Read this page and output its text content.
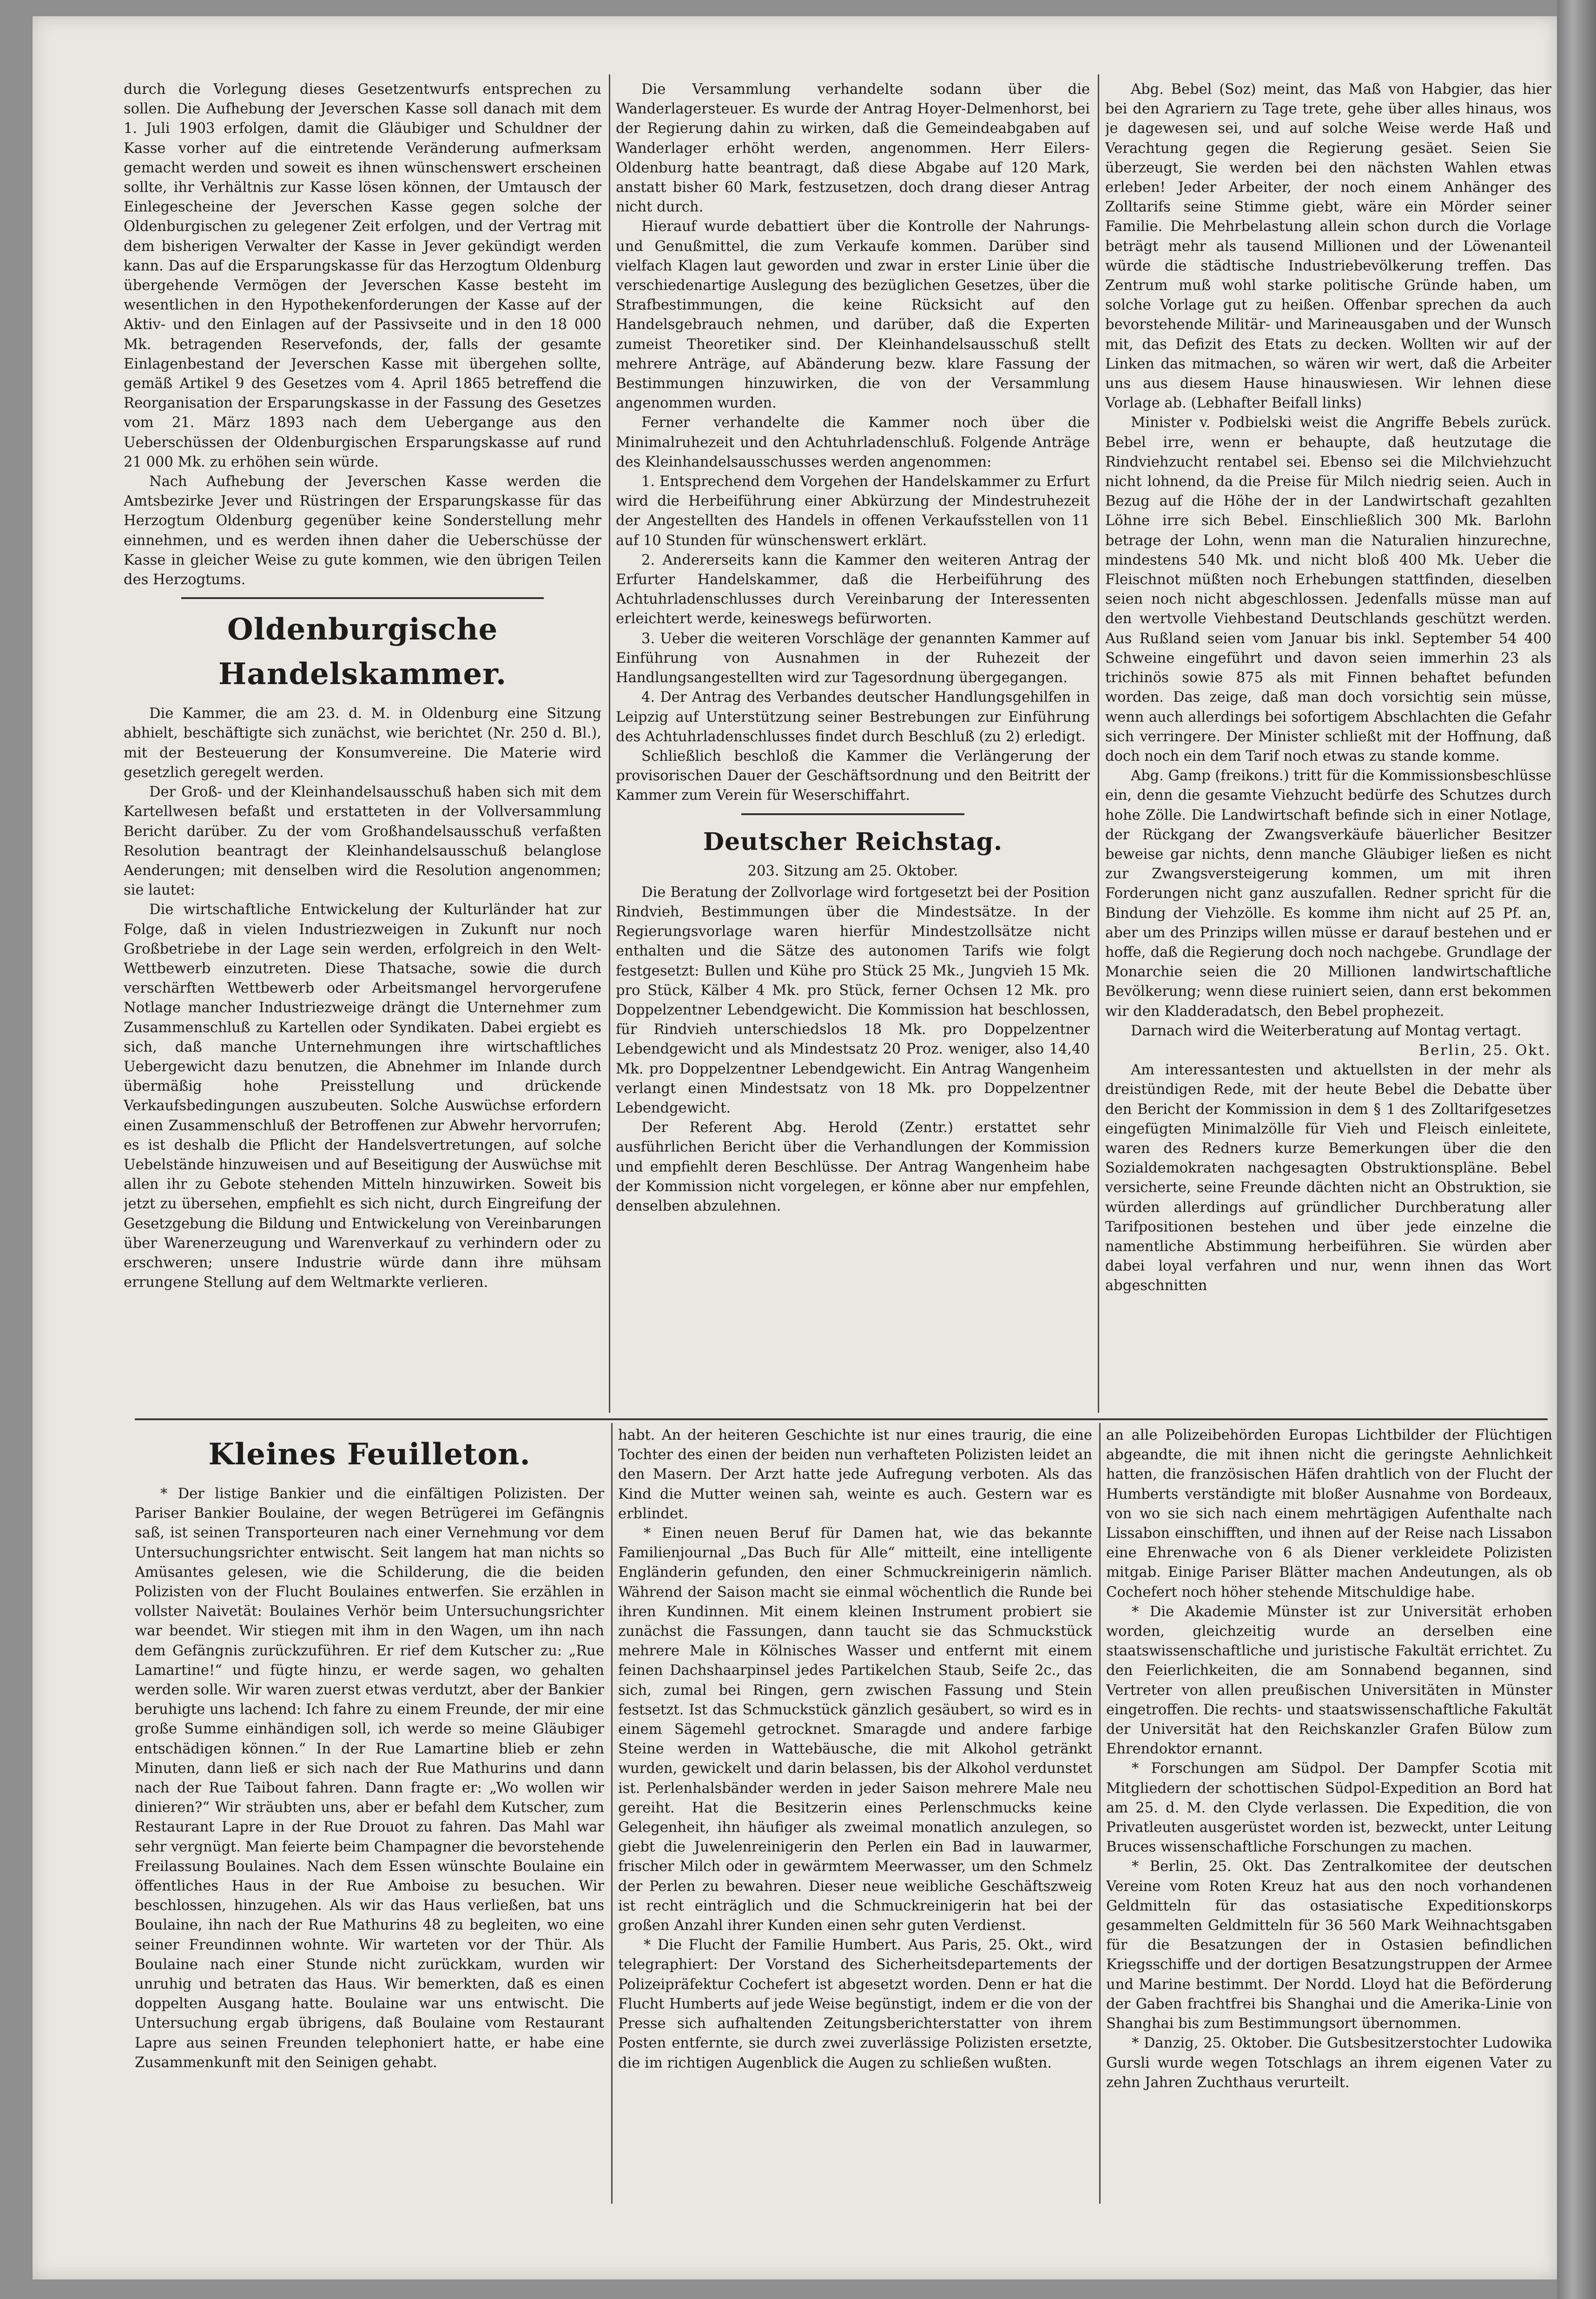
durch die Vorlegung dieses Gesetzentwurfs entsprechen zu sollen. Die Aufhebung der Jeverschen Kasse soll danach mit dem 1. Juli 1903 erfolgen, damit die Gläubiger und Schuldner der Kasse vorher auf die eintretende Veränderung aufmerksam gemacht werden und soweit es ihnen wünschenswert erscheinen sollte, ihr Verhältnis zur Kasse lösen können, der Umtausch der Einlegescheine der Jeverschen Kasse gegen solche der Oldenburgischen zu gelegener Zeit erfolgen, und der Vertrag mit dem bisherigen Verwalter der Kasse in Jever gekündigt werden kann. Das auf die Ersparungskasse für das Herzogtum Oldenburg übergehende Vermögen der Jeverschen Kasse besteht im wesentlichen in den Hypothekenforderungen der Kasse auf der Aktiv- und den Einlagen auf der Passivseite und in den 18 000 Mk. betragenden Reservefonds, der, falls der gesamte Einlagenbestand der Jeverschen Kasse mit übergehen sollte, gemäß Artikel 9 des Gesetzes vom 4. April 1865 betreffend die Reorganisation der Ersparungskasse in der Fassung des Gesetzes vom 21. März 1893 nach dem Uebergange aus den Ueberschüssen der Oldenburgischen Ersparungskasse auf rund 21 000 Mk. zu erhöhen sein würde.

Nach Aufhebung der Jeverschen Kasse werden die Amtsbezirke Jever und Rüstringen der Ersparungskasse für das Herzogtum Oldenburg gegenüber keine Sonderstellung mehr einnehmen, und es werden ihnen daher die Ueberschüsse der Kasse in gleicher Weise zu gute kommen, wie den übrigen Teilen des Herzogtums.

Oldenburgische Handelskammer.

Die Kammer, die am 23. d. M. in Oldenburg eine Sitzung abhielt, beschäftigte sich zunächst, wie berichtet (Nr. 250 d. Bl.), mit der Besteuerung der Konsumvereine. Die Materie wird gesetzlich geregelt werden.

Der Groß- und der Kleinhandelsausschuß haben sich mit dem Kartellwesen befaßt und erstatteten in der Vollversammlung Bericht darüber. Zu der vom Großhandelsausschuß verfaßten Resolution beantragt der Kleinhandelsausschuß belanglose Aenderungen; mit denselben wird die Resolution angenommen; sie lautet:

Die wirtschaftliche Entwickelung der Kulturländer hat zur Folge, daß in vielen Industriezweigen in Zukunft nur noch Großbetriebe in der Lage sein werden, erfolgreich in den Welt-Wettbewerb einzutreten. Diese Thatsache, sowie die durch verschärften Wettbewerb oder Arbeitsmangel hervorgerufene Notlage mancher Industriezweige drängt die Unternehmer zum Zusammenschluß zu Kartellen oder Syndikaten. Dabei ergiebt es sich, daß manche Unternehmungen ihre wirtschaftliches Uebergewicht dazu benutzen, die Abnehmer im Inlande durch übermäßig hohe Preisstellung und drückende Verkaufsbedingungen auszubeuten. Solche Auswüchse erfordern einen Zusammenschluß der Betroffenen zur Abwehr hervorrufen; es ist deshalb die Pflicht der Handelsvertretungen, auf solche Uebelstände hinzuweisen und auf Beseitigung der Auswüchse mit allen ihr zu Gebote stehenden Mitteln hinzuwirken. Soweit bis jetzt zu übersehen, empfiehlt es sich nicht, durch Eingreifung der Gesetzgebung die Bildung und Entwickelung von Vereinbarungen über Warenerzeugung und Warenverkauf zu verhindern oder zu erschweren; unsere Industrie würde dann ihre mühsam errungene Stellung auf dem Weltmarkte verlieren.

Die Versammlung verhandelte sodann über die Wanderlagersteuer. Es wurde der Antrag Hoyer-Delmenhorst, bei der Regierung dahin zu wirken, daß die Gemeindeabgaben auf Wanderlager erhöht werden, angenommen. Herr Eilers-Oldenburg hatte beantragt, daß diese Abgabe auf 120 Mark, anstatt bisher 60 Mark, festzusetzen, doch drang dieser Antrag nicht durch.

Hierauf wurde debattiert über die Kontrolle der Nahrungs- und Genußmittel, die zum Verkaufe kommen. Darüber sind vielfach Klagen laut geworden und zwar in erster Linie über die verschiedenartige Auslegung des bezüglichen Gesetzes, über die Strafbestimmungen, die keine Rücksicht auf den Handelsgebrauch nehmen, und darüber, daß die Experten zumeist Theoretiker sind. Der Kleinhandelsausschuß stellt mehrere Anträge, auf Abänderung bezw. klare Fassung der Bestimmungen hinzuwirken, die von der Versammlung angenommen wurden.

Ferner verhandelte die Kammer noch über die Minimalruhezeit und den Achtuhrladenschluß. Folgende Anträge des Kleinhandelsausschusses werden angenommen:

1. Entsprechend dem Vorgehen der Handelskammer zu Erfurt wird die Herbeiführung einer Abkürzung der Mindestruhezeit der Angestellten des Handels in offenen Verkaufsstellen von 11 auf 10 Stunden für wünschenswert erklärt.

2. Andererseits kann die Kammer den weiteren Antrag der Erfurter Handelskammer, daß die Herbeiführung des Achtuhrladenschlusses durch Vereinbarung der Interessenten erleichtert werde, keineswegs befürworten.

3. Ueber die weiteren Vorschläge der genannten Kammer auf Einführung von Ausnahmen in der Ruhezeit der Handlungsangestellten wird zur Tagesordnung übergegangen.

4. Der Antrag des Verbandes deutscher Handlungsgehilfen in Leipzig auf Unterstützung seiner Bestrebungen zur Einführung des Achtuhrladenschlusses findet durch Beschluß (zu 2) erledigt.

Schließlich beschloß die Kammer die Verlängerung der provisorischen Dauer der Geschäftsordnung und den Beitritt der Kammer zum Verein für Weserschiffahrt.

Deutscher Reichstag.

203. Sitzung am 25. Oktober.

Die Beratung der Zollvorlage wird fortgesetzt bei der Position Rindvieh, Bestimmungen über die Mindestsätze. In der Regierungsvorlage waren hierfür Mindestzollsätze nicht enthalten und die Sätze des autonomen Tarifs wie folgt festgesetzt: Bullen und Kühe pro Stück 25 Mk., Jungvieh 15 Mk. pro Stück, Kälber 4 Mk. pro Stück, ferner Ochsen 12 Mk. pro Doppelzentner Lebendgewicht. Die Kommission hat beschlossen, für Rindvieh unterschiedslos 18 Mk. pro Doppelzentner Lebendgewicht und als Mindestsatz 20 Proz. weniger, also 14,40 Mk. pro Doppelzentner Lebendgewicht. Ein Antrag Wangenheim verlangt einen Mindestsatz von 18 Mk. pro Doppelzentner Lebendgewicht.

Der Referent Abg. Herold (Zentr.) erstattet sehr ausführlichen Bericht über die Verhandlungen der Kommission und empfiehlt deren Beschlüsse. Der Antrag Wangenheim habe der Kommission nicht vorgelegen, er könne aber nur empfehlen, denselben abzulehnen.

Abg. Bebel (Soz) meint, das Maß von Habgier, das hier bei den Agrariern zu Tage trete, gehe über alles hinaus, wos je dagewesen sei, und auf solche Weise werde Haß und Verachtung gegen die Regierung gesäet. Seien Sie überzeugt, Sie werden bei den nächsten Wahlen etwas erleben! Jeder Arbeiter, der noch einem Anhänger des Zolltarifs seine Stimme giebt, wäre ein Mörder seiner Familie. Die Mehrbelastung allein schon durch die Vorlage beträgt mehr als tausend Millionen und der Löwenanteil würde die städtische Industriebevölkerung treffen. Das Zentrum muß wohl starke politische Gründe haben, um solche Vorlage gut zu heißen. Offenbar sprechen da auch bevorstehende Militär- und Marineausgaben und der Wunsch mit, das Defizit des Etats zu decken. Wollten wir auf der Linken das mitmachen, so wären wir wert, daß die Arbeiter uns aus diesem Hause hinauswiesen. Wir lehnen diese Vorlage ab. (Lebhafter Beifall links)

Minister v. Podbielski weist die Angriffe Bebels zurück. Bebel irre, wenn er behaupte, daß heutzutage die Rindviehzucht rentabel sei. Ebenso sei die Milchviehzucht nicht lohnend, da die Preise für Milch niedrig seien. Auch in Bezug auf die Höhe der in der Landwirtschaft gezahlten Löhne irre sich Bebel. Einschließlich 300 Mk. Barlohn betrage der Lohn, wenn man die Naturalien hinzurechne, mindestens 540 Mk. und nicht bloß 400 Mk. Ueber die Fleischnot müßten noch Erhebungen stattfinden, dieselben seien noch nicht abgeschlossen. Jedenfalls müsse man auf den wertvolle Viehbestand Deutschlands geschützt werden. Aus Rußland seien vom Januar bis inkl. September 54 400 Schweine eingeführt und davon seien immerhin 23 als trichinös sowie 875 als mit Finnen behaftet befunden worden. Das zeige, daß man doch vorsichtig sein müsse, wenn auch allerdings bei sofortigem Abschlachten die Gefahr sich verringere. Der Minister schließt mit der Hoffnung, daß doch noch ein dem Tarif noch etwas zu stande komme.

Abg. Gamp (freikons.) tritt für die Kommissionsbeschlüsse ein, denn die gesamte Viehzucht bedürfe des Schutzes durch hohe Zölle. Die Landwirtschaft befinde sich in einer Notlage, der Rückgang der Zwangsverkäufe bäuerlicher Besitzer beweise gar nichts, denn manche Gläubiger ließen es nicht zur Zwangsversteigerung kommen, um mit ihren Forderungen nicht ganz auszufallen. Redner spricht für die Bindung der Viehzölle. Es komme ihm nicht auf 25 Pf. an, aber um des Prinzips willen müsse er darauf bestehen und er hoffe, daß die Regierung doch noch nachgebe. Grundlage der Monarchie seien die 20 Millionen landwirtschaftliche Bevölkerung; wenn diese ruiniert seien, dann erst bekommen wir den Kladderadatsch, den Bebel prophezeit.

Darnach wird die Weiterberatung auf Montag vertagt.

Berlin, 25. Okt.

Am interessantesten und aktuellsten in der mehr als dreistündigen Rede, mit der heute Bebel die Debatte über den Bericht der Kommission in dem § 1 des Zolltarifgesetzes eingefügten Minimalzölle für Vieh und Fleisch einleitete, waren des Redners kurze Bemerkungen über die den Sozialdemokraten nachgesagten Obstruktionspläne. Bebel versicherte, seine Freunde dächten nicht an Obstruktion, sie würden allerdings auf gründlicher Durchberatung aller Tarifpositionen bestehen und über jede einzelne die namentliche Abstimmung herbeiführen. Sie würden aber dabei loyal verfahren und nur, wenn ihnen das Wort abgeschnitten

Kleines Feuilleton.

* Der listige Bankier und die einfältigen Polizisten. Der Pariser Bankier Boulaine, der wegen Betrügerei im Gefängnis saß, ist seinen Transporteuren nach einer Vernehmung vor dem Untersuchungsrichter entwischt. Seit langem hat man nichts so Amüsantes gelesen, wie die Schilderung, die die beiden Polizisten von der Flucht Boulaines entwerfen. Sie erzählen in vollster Naivetät: Boulaines Verhör beim Untersuchungsrichter war beendet. Wir stiegen mit ihm in den Wagen, um ihn nach dem Gefängnis zurückzuführen. Er rief dem Kutscher zu: „Rue Lamartine!“ und fügte hinzu, er werde sagen, wo gehalten werden solle. Wir waren zuerst etwas verdutzt, aber der Bankier beruhigte uns lachend: Ich fahre zu einem Freunde, der mir eine große Summe einhändigen soll, ich werde so meine Gläubiger entschädigen können.“ In der Rue Lamartine blieb er zehn Minuten, dann ließ er sich nach der Rue Mathurins und dann nach der Rue Taibout fahren. Dann fragte er: „Wo wollen wir dinieren?“ Wir sträubten uns, aber er befahl dem Kutscher, zum Restaurant Lapre in der Rue Drouot zu fahren. Das Mahl war sehr vergnügt. Man feierte beim Champagner die bevorstehende Freilassung Boulaines. Nach dem Essen wünschte Boulaine ein öffentliches Haus in der Rue Amboise zu besuchen. Wir beschlossen, hinzugehen. Als wir das Haus verließen, bat uns Boulaine, ihn nach der Rue Mathurins 48 zu begleiten, wo eine seiner Freundinnen wohnte. Wir warteten vor der Thür. Als Boulaine nach einer Stunde nicht zurückkam, wurden wir unruhig und betraten das Haus. Wir bemerkten, daß es einen doppelten Ausgang hatte. Boulaine war uns entwischt. Die Untersuchung ergab übrigens, daß Boulaine vom Restaurant Lapre aus seinen Freunden telephoniert hatte, er habe eine Zusammenkunft mit den Seinigen gehabt.

habt. An der heiteren Geschichte ist nur eines traurig, die eine Tochter des einen der beiden nun verhafteten Polizisten leidet an den Masern. Der Arzt hatte jede Aufregung verboten. Als das Kind die Mutter weinen sah, weinte es auch. Gestern war es erblindet.

* Einen neuen Beruf für Damen hat, wie das bekannte Familienjournal „Das Buch für Alle“ mitteilt, eine intelligente Engländerin gefunden, den einer Schmuckreinigerin nämlich. Während der Saison macht sie einmal wöchentlich die Runde bei ihren Kundinnen. Mit einem kleinen Instrument probiert sie zunächst die Fassungen, dann taucht sie das Schmuckstück mehrere Male in Kölnisches Wasser und entfernt mit einem feinen Dachshaarpinsel jedes Partikelchen Staub, Seife 2c., das sich, zumal bei Ringen, gern zwischen Fassung und Stein festsetzt. Ist das Schmuckstück gänzlich gesäubert, so wird es in einem Sägemehl getrocknet. Smaragde und andere farbige Steine werden in Wattebäusche, die mit Alkohol getränkt wurden, gewickelt und darin belassen, bis der Alkohol verdunstet ist. Perlenhalsbänder werden in jeder Saison mehrere Male neu gereiht. Hat die Besitzerin eines Perlenschmucks keine Gelegenheit, ihn häufiger als zweimal monatlich anzulegen, so giebt die Juwelenreinigerin den Perlen ein Bad in lauwarmer, frischer Milch oder in gewärmtem Meerwasser, um den Schmelz der Perlen zu bewahren. Dieser neue weibliche Geschäftszweig ist recht einträglich und die Schmuckreinigerin hat bei der großen Anzahl ihrer Kunden einen sehr guten Verdienst.

* Die Flucht der Familie Humbert. Aus Paris, 25. Okt., wird telegraphiert: Der Vorstand des Sicherheitsdepartements der Polizeipräfektur Cochefert ist abgesetzt worden. Denn er hat die Flucht Humberts auf jede Weise begünstigt, indem er die von der Presse sich aufhaltenden Zeitungsberichterstatter von ihrem Posten entfernte, sie durch zwei zuverlässige Polizisten ersetzte, die im richtigen Augenblick die Augen zu schließen wußten.

an alle Polizeibehörden Europas Lichtbilder der Flüchtigen abgeandte, die mit ihnen nicht die geringste Aehnlichkeit hatten, die französischen Häfen drahtlich von der Flucht der Humberts verständigte mit bloßer Ausnahme von Bordeaux, von wo sie sich nach einem mehrtägigen Aufenthalte nach Lissabon einschifften, und ihnen auf der Reise nach Lissabon eine Ehrenwache von 6 als Diener verkleidete Polizisten mitgab. Einige Pariser Blätter machen Andeutungen, als ob Cochefert noch höher stehende Mitschuldige habe.

* Die Akademie Münster ist zur Universität erhoben worden, gleichzeitig wurde an derselben eine staatswissenschaftliche und juristische Fakultät errichtet. Zu den Feierlichkeiten, die am Sonnabend begannen, sind Vertreter von allen preußischen Universitäten in Münster eingetroffen. Die rechts- und staatswissenschaftliche Fakultät der Universität hat den Reichskanzler Grafen Bülow zum Ehrendoktor ernannt.

* Forschungen am Südpol. Der Dampfer Scotia mit Mitgliedern der schottischen Südpol-Expedition an Bord hat am 25. d. M. den Clyde verlassen. Die Expedition, die von Privatleuten ausgerüstet worden ist, bezweckt, unter Leitung Bruces wissenschaftliche Forschungen zu machen.

* Berlin, 25. Okt. Das Zentralkomitee der deutschen Vereine vom Roten Kreuz hat aus den noch vorhandenen Geldmitteln für das ostasiatische Expeditionskorps gesammelten Geldmitteln für 36 560 Mark Weihnachtsgaben für die Besatzungen der in Ostasien befindlichen Kriegsschiffe und der dortigen Besatzungstruppen der Armee und Marine bestimmt. Der Nordd. Lloyd hat die Beförderung der Gaben frachtfrei bis Shanghai und die Amerika-Linie von Shanghai bis zum Bestimmungsort übernommen.

* Danzig, 25. Oktober. Die Gutsbesitzerstochter Ludowika Gursli wurde wegen Totschlags an ihrem eigenen Vater zu zehn Jahren Zuchthaus verurteilt.
